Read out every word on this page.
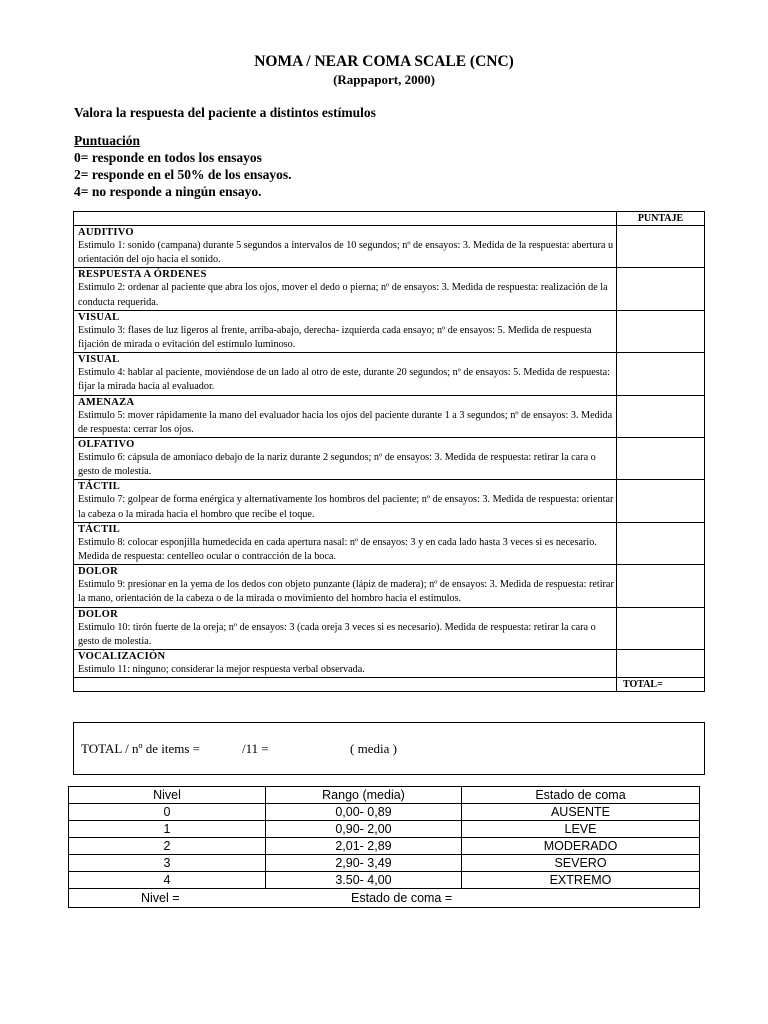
NOMA / NEAR COMA SCALE (CNC)
(Rappaport, 2000)
Valora la respuesta del paciente a distintos estímulos
Puntuación
0= responde en todos los ensayos
2= responde en el 50% de los ensayos.
4= no responde a ningún ensayo.
	PUNTAJE

AUDITIVO
Estimulo 1: sonido (campana) durante 5 segundos a intervalos de 10 segundos; nº de ensayos: 3. Medida de la respuesta: abertura u orientación del ojo hacia el sonido.	

RESPUESTA A ÓRDENES
Estimulo 2: ordenar al paciente que abra los ojos, mover el dedo o pierna; nº de ensayos: 3. Medida de respuesta: realización de la conducta requerida.	

VISUAL
Estimulo 3: flases de luz ligeros al frente, arriba-abajo, derecha- izquierda cada ensayo; nº de ensayos: 5. Medida de respuesta fijación de mirada o evitación del estímulo luminoso.	

VISUAL
Estimulo 4: hablar al paciente, moviéndose de un lado al otro de este, durante 20 segundos; nº de ensayos: 5. Medida de respuesta: fijar la mirada hacia al evaluador.	

AMENAZA
Estimulo 5: mover rápidamente la mano del evaluador hacia los ojos del paciente durante 1 a 3 segundos; nº de ensayos: 3. Medida de respuesta: cerrar los ojos.	

OLFATIVO
Estimulo 6: cápsula de amoníaco debajo de la nariz durante 2 segundos; nº de ensayos: 3. Medida de respuesta: retirar la cara o gesto de molestia.	

TÁCTIL
Estimulo 7: golpear de forma enérgica y alternativamente los hombros del paciente; nº de ensayos: 3. Medida de respuesta: orientar la cabeza o la mirada hacia el hombro que recibe el toque.	

TÁCTIL
Estimulo 8: colocar esponjilla humedecida en cada apertura nasal: nº de ensayos: 3 y en cada lado hasta 3 veces si es necesario. Medida de respuesta: centelleo ocular o contracción de la boca.	

DOLOR
Estimulo 9: presionar en la yema de los dedos con objeto punzante (lápiz de madera); nº de ensayos: 3. Medida de respuesta: retirar la mano, orientación de la cabeza o de la mirada o movimiento del hombro hacia el estimulos.	

DOLOR
Estimulo 10: tirón fuerte de la oreja; nº de ensayos: 3 (cada oreja 3 veces si es necesario). Medida de respuesta: retirar la cara o gesto de molestia.	

VOCALIZACIÓN
Estimulo 11: ninguno; considerar la mejor respuesta verbal observada.	

	TOTAL=
TOTAL / nº de items =	/11 =	( media )
Nivel	Rango (media)	Estado de coma
0	0,00- 0,89	AUSENTE
1	0,90- 2,00	LEVE
2	2,01- 2,89	MODERADO
3	2,90- 3,49	SEVERO
4	3.50- 4,00	EXTREMO
Nivel = Estado de coma =		
